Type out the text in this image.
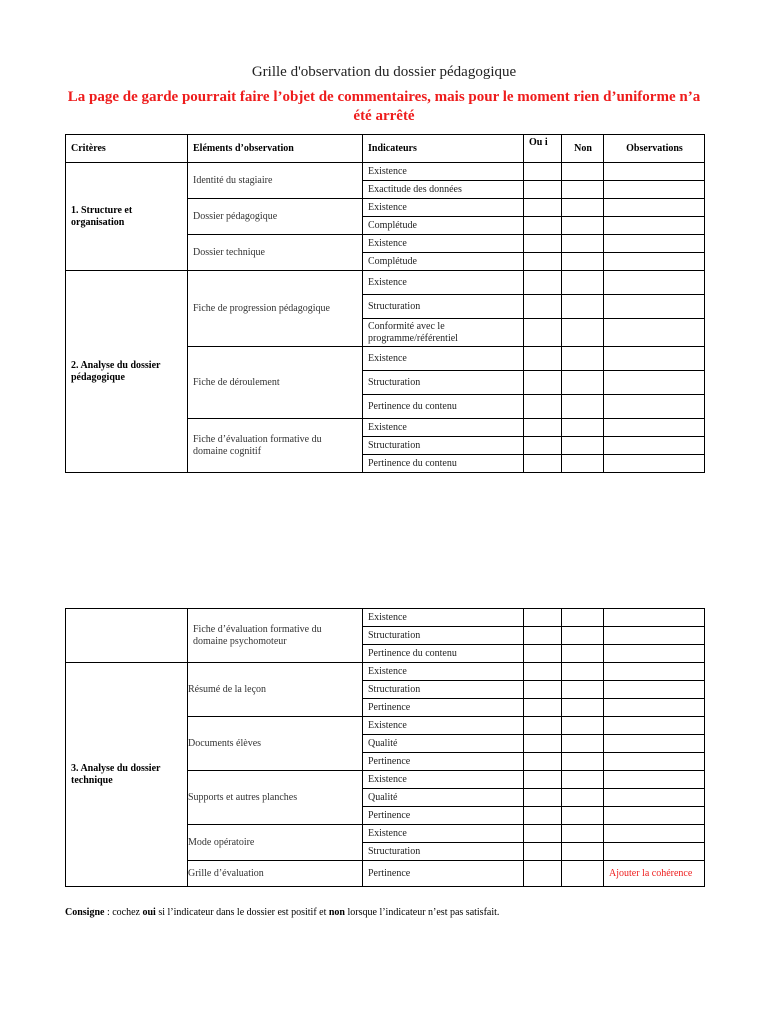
Grille d'observation du dossier pédagogique
La page de garde pourrait faire l’objet de commentaires, mais pour le moment rien d’uniforme n’a été arrêté
Critères	Eléments d’observation	Indicateurs	Ou i	Non	Observations
1. Structure et organisation	Identité du stagiaire	Existence			
		Exactitude des données			
	Dossier pédagogique	Existence			
		Complétude			
	Dossier technique	Existence			
		Complétude			
2. Analyse du dossier pédagogique	Fiche de progression pédagogique	Existence			
		Structuration			
		Conformité avec le programme/référentiel			
	Fiche de déroulement	Existence			
		Structuration			
		Pertinence du contenu			
	Fiche d’évaluation formative du domaine cognitif	Existence			
		Structuration			
		Pertinence du contenu			
	Fiche d’évaluation formative du domaine psychomoteur	Existence			
		Structuration			
		Pertinence du contenu			
3. Analyse du dossier technique	Résumé de la leçon	Existence			
		Structuration			
		Pertinence			
	Documents élèves	Existence			
		Qualité			
		Pertinence			
	Supports et autres planches	Existence			
		Qualité			
		Pertinence			
	Mode opératoire	Existence			
		Structuration			
	Grille d’évaluation	Pertinence			Ajouter la cohérence
Consigne : cochez oui si l’indicateur dans le dossier est positif et non lorsque l’indicateur n’est pas satisfait.
